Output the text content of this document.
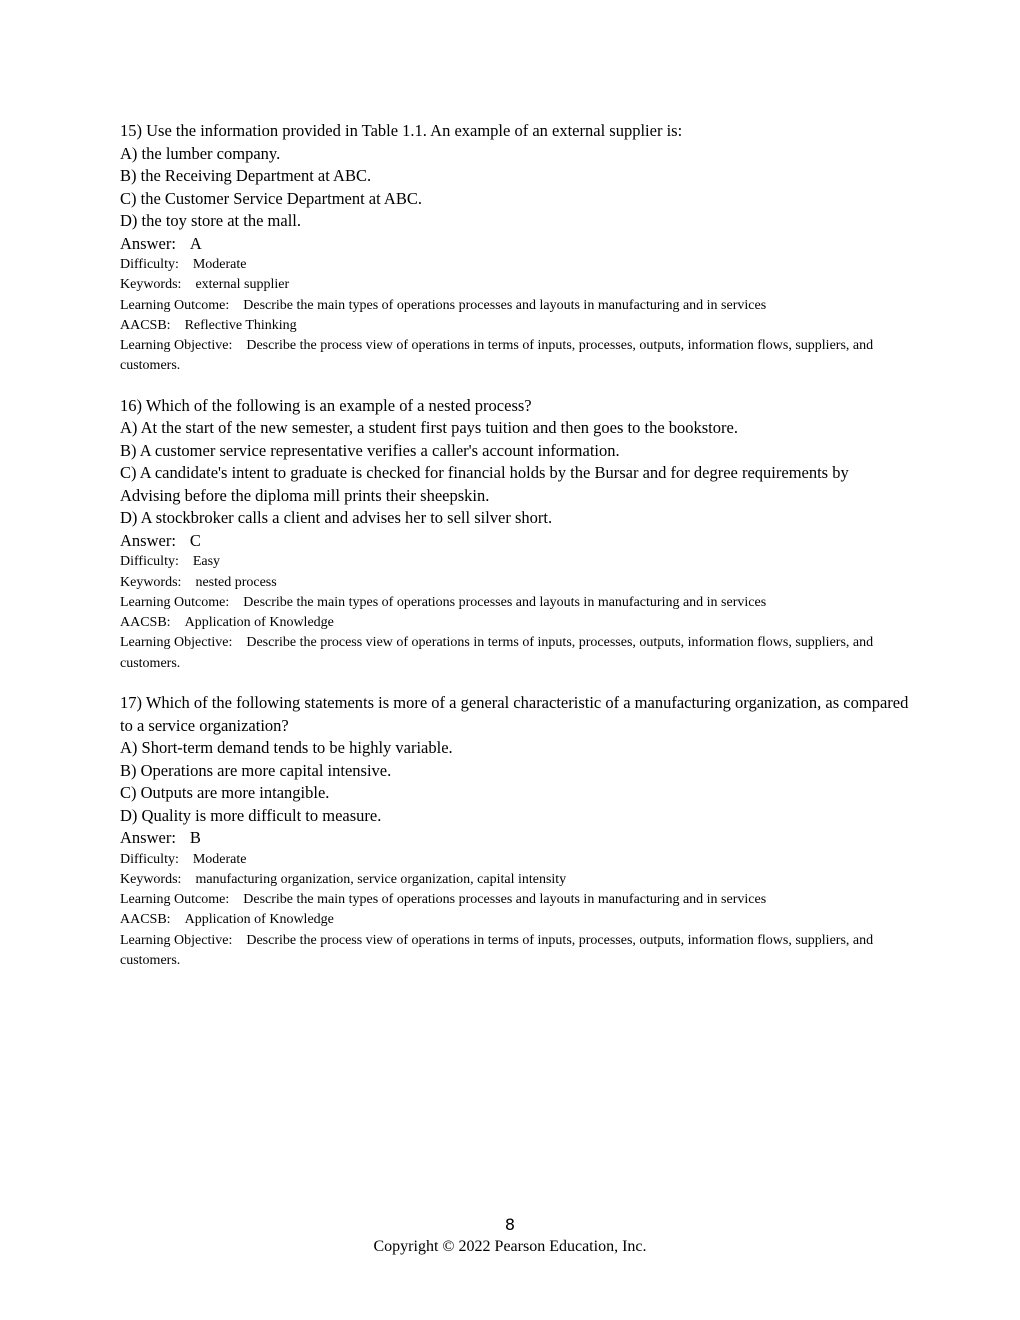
15) Use the information provided in Table 1.1. An example of an external supplier is:
A) the lumber company.
B) the Receiving Department at ABC.
C) the Customer Service Department at ABC.
D) the toy store at the mall.
Answer: A
Difficulty: Moderate
Keywords: external supplier
Learning Outcome: Describe the main types of operations processes and layouts in manufacturing and in services
AACSB: Reflective Thinking
Learning Objective: Describe the process view of operations in terms of inputs, processes, outputs, information flows, suppliers, and customers.
16) Which of the following is an example of a nested process?
A) At the start of the new semester, a student first pays tuition and then goes to the bookstore.
B) A customer service representative verifies a caller's account information.
C) A candidate's intent to graduate is checked for financial holds by the Bursar and for degree requirements by Advising before the diploma mill prints their sheepskin.
D) A stockbroker calls a client and advises her to sell silver short.
Answer: C
Difficulty: Easy
Keywords: nested process
Learning Outcome: Describe the main types of operations processes and layouts in manufacturing and in services
AACSB: Application of Knowledge
Learning Objective: Describe the process view of operations in terms of inputs, processes, outputs, information flows, suppliers, and customers.
17) Which of the following statements is more of a general characteristic of a manufacturing organization, as compared to a service organization?
A) Short-term demand tends to be highly variable.
B) Operations are more capital intensive.
C) Outputs are more intangible.
D) Quality is more difficult to measure.
Answer: B
Difficulty: Moderate
Keywords: manufacturing organization, service organization, capital intensity
Learning Outcome: Describe the main types of operations processes and layouts in manufacturing and in services
AACSB: Application of Knowledge
Learning Objective: Describe the process view of operations in terms of inputs, processes, outputs, information flows, suppliers, and customers.
8
Copyright © 2022 Pearson Education, Inc.
